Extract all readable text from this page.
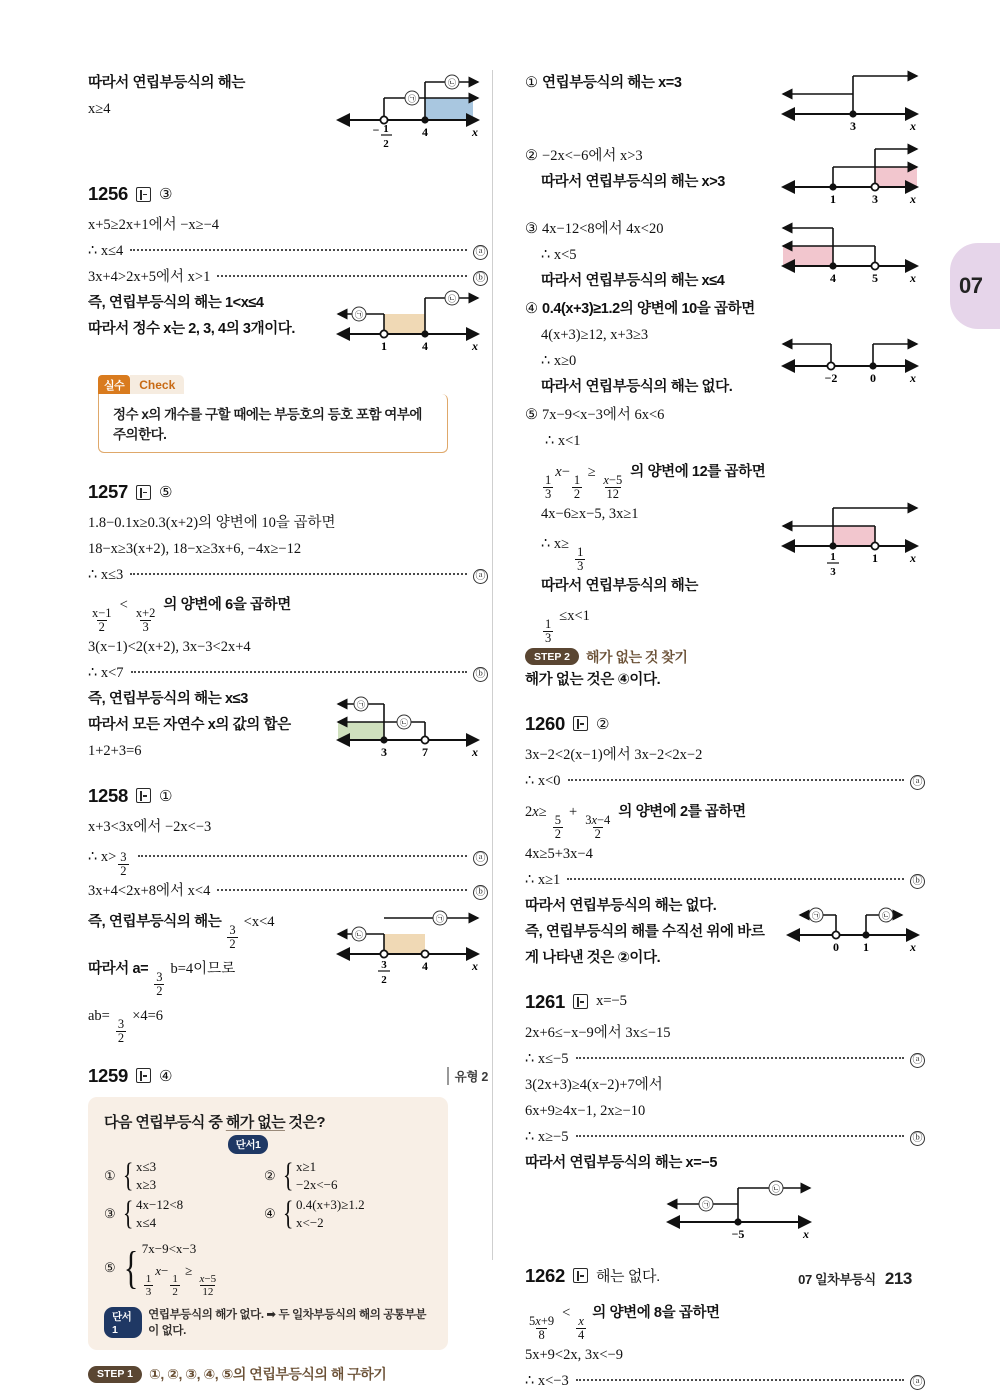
07
따라서 연립부등식의 해는
x≥4
㉠
㉡
4	x
− 1
2
1256 ③
x+5≥2x+1에서 −x≥−4
∴ x≤4	ⓐ
3x+4>2x+5에서 x>1	ⓑ
즉, 연립부등식의 해는 1<x≤4
따라서 정수 x는 2, 3, 4의 3개이다.
㉠
㉡
1	4	x
실수	Check
정수 x의 개수를 구할 때에는 부등호의 등호 포함 여부에 주의한다.
1257 ⑤
1.8−0.1x≥0.3(x+2)의 양변에 10을 곱하면
18−x≥3(x+2), 18−x≥3x+6, −4x≥−12
∴ x≤3	ⓐ
$\frac{x-1}{2}$
<
$\frac{x+2}{3}$
의 양변에 6을 곱하면
3(x−1)<2(x+2), 3x−3<2x+4
∴ x<7	ⓑ
즉, 연립부등식의 해는 x≤3
따라서 모든 자연수 x의 값의 합은
1+2+3=6
㉠
㉡
3	7	x
1258 ①
x+3<3x에서 −2x<−3
∴ $x> \frac{3}{2}$	ⓐ
3x+4<2x+8에서 x<4	ⓑ
즉, 연립부등식의 해는
$\frac{3}{2}$
<x<4
따라서 a=
$\frac{3}{2}$
b=4이므로
ab=
$\frac{3}{2}$
×4=6
㉡
㉠
3
2
4	x
1259 ④	유형 2
다음 연립부등식 중 해가 없는 것은?
단서1
① { x≤3
x≥3
② { x≥1
−2x<−6
③ { 4x−12<8
x≤4
④ { 0.4(x+3)≥1.2
x<−2
⑤ { 7x−9<x−3
$\frac{1}{3}$
x−
$\frac{1}{2}$
≥
$\frac{x-5}{12}$
단서1
연립부등식의 해가 없다. ➡ 두 일차부등식의 해의 공통부분이 없다.
STEP 1	①, ②, ③, ④, ⑤의 연립부등식의 해 구하기
① 연립부등식의 해는 x=3
3	x
② −2x<−6에서 x>3
따라서 연립부등식의 해는 x>3
1	3	x
③ 4x−12<8에서 4x<20
∴ x<5
따라서 연립부등식의 해는 x≤4	4	5	x
④ 0.4(x+3)≥1.2의 양변에 10을 곱하면
4(x+3)≥12, x+3≥3
∴ x≥0
따라서 연립부등식의 해는 없다.
−2	0	x
⑤ 7x−9<x−3에서 6x<6
∴ x<1
$\frac{1}{3}$
x−
$\frac{1}{2}$
≥
$\frac{x-5}{12}$
의 양변에 12를 곱하면
4x−6≥x−5, 3x≥1
∴ x≥
$\frac{1}{3}$
따라서 연립부등식의 해는
$\frac{1}{3}$
≤x<1
1
3
1	x
STEP 2	해가 없는 것 찾기
해가 없는 것은 ④이다.
1260 ②
3x−2<2(x−1)에서 3x−2<2x−2
∴ x<0	ⓐ
2x≥
$\frac{5}{2}$
+
$\frac{3x-4}{2}$
의 양변에 2를 곱하면
4x≥5+3x−4
∴ x≥1	ⓑ
따라서 연립부등식의 해는 없다.
즉, 연립부등식의 해를 수직선 위에 바르
게 나타낸 것은 ②이다.
㉠	㉡
0 1	x
1261 x=−5
2x+6≤−x−9에서 3x≤−15
∴ x≤−5	ⓐ
3(2x+3)≥4(x−2)+7에서
6x+9≥4x−1, 2x≥−10
∴ x≥−5	ⓑ
따라서 연립부등식의 해는 x=−5
㉠
㉡
−5	x
1262 해는 없다.
$\frac{5x+9}{8}$
<
$\frac{x}{4}$
의 양변에 8을 곱하면
5x+9<2x, 3x<−9
∴ x<−3	ⓐ
07 일차부등식 213
